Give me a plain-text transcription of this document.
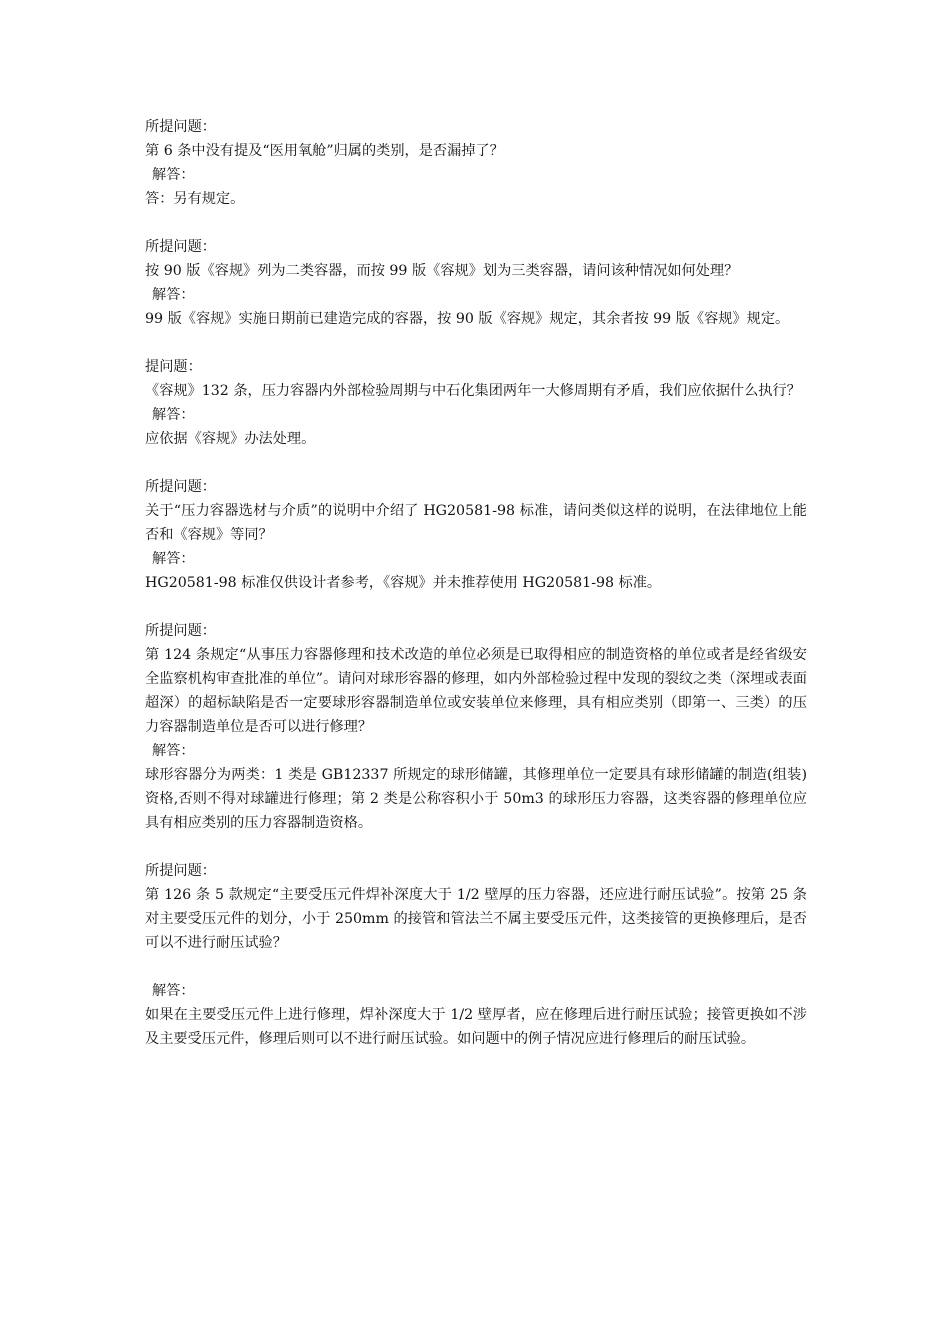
所提问题：
第 6 条中没有提及“医用氧舱”归属的类别，是否漏掉了？
解答：
答：另有规定。
所提问题：
按 90 版《容规》列为二类容器，而按 99 版《容规》划为三类容器，请问该种情况如何处理？
解答：
99 版《容规》实施日期前已建造完成的容器，按 90 版《容规》规定，其余者按 99 版《容规》规定。
提问题：
《容规》132 条，压力容器内外部检验周期与中石化集团两年一大修周期有矛盾，我们应依据什么执行？
解答：
应依据《容规》办法处理。
所提问题：
关于“压力容器选材与介质”的说明中介绍了 HG20581-98 标准，请问类似这样的说明，在法律地位上能否和《容规》等同？
解答：
HG20581-98 标准仅供设计者参考，《容规》并未推荐使用 HG20581-98 标准。
所提问题：
第 124 条规定“从事压力容器修理和技术改造的单位必须是已取得相应的制造资格的单位或者是经省级安全监察机构审查批准的单位”。请问对球形容器的修理，如内外部检验过程中发现的裂纹之类（深埋或表面超深）的超标缺陷是否一定要球形容器制造单位或安装单位来修理，具有相应类别（即第一、三类）的压力容器制造单位是否可以进行修理？
解答：
球形容器分为两类：1 类是 GB12337 所规定的球形储罐，其修理单位一定要具有球形储罐的制造(组装)资格,否则不得对球罐进行修理；第 2 类是公称容积小于 50m3 的球形压力容器，这类容器的修理单位应具有相应类别的压力容器制造资格。
所提问题：
第 126 条 5 款规定“主要受压元件焊补深度大于 1/2 壁厚的压力容器，还应进行耐压试验”。按第 25 条对主要受压元件的划分，小于 250mm 的接管和管法兰不属主要受压元件，这类接管的更换修理后，是否可以不进行耐压试验？
解答：
如果在主要受压元件上进行修理，焊补深度大于 1/2 壁厚者，应在修理后进行耐压试验；接管更换如不涉及主要受压元件，修理后则可以不进行耐压试验。如问题中的例子情况应进行修理后的耐压试验。
